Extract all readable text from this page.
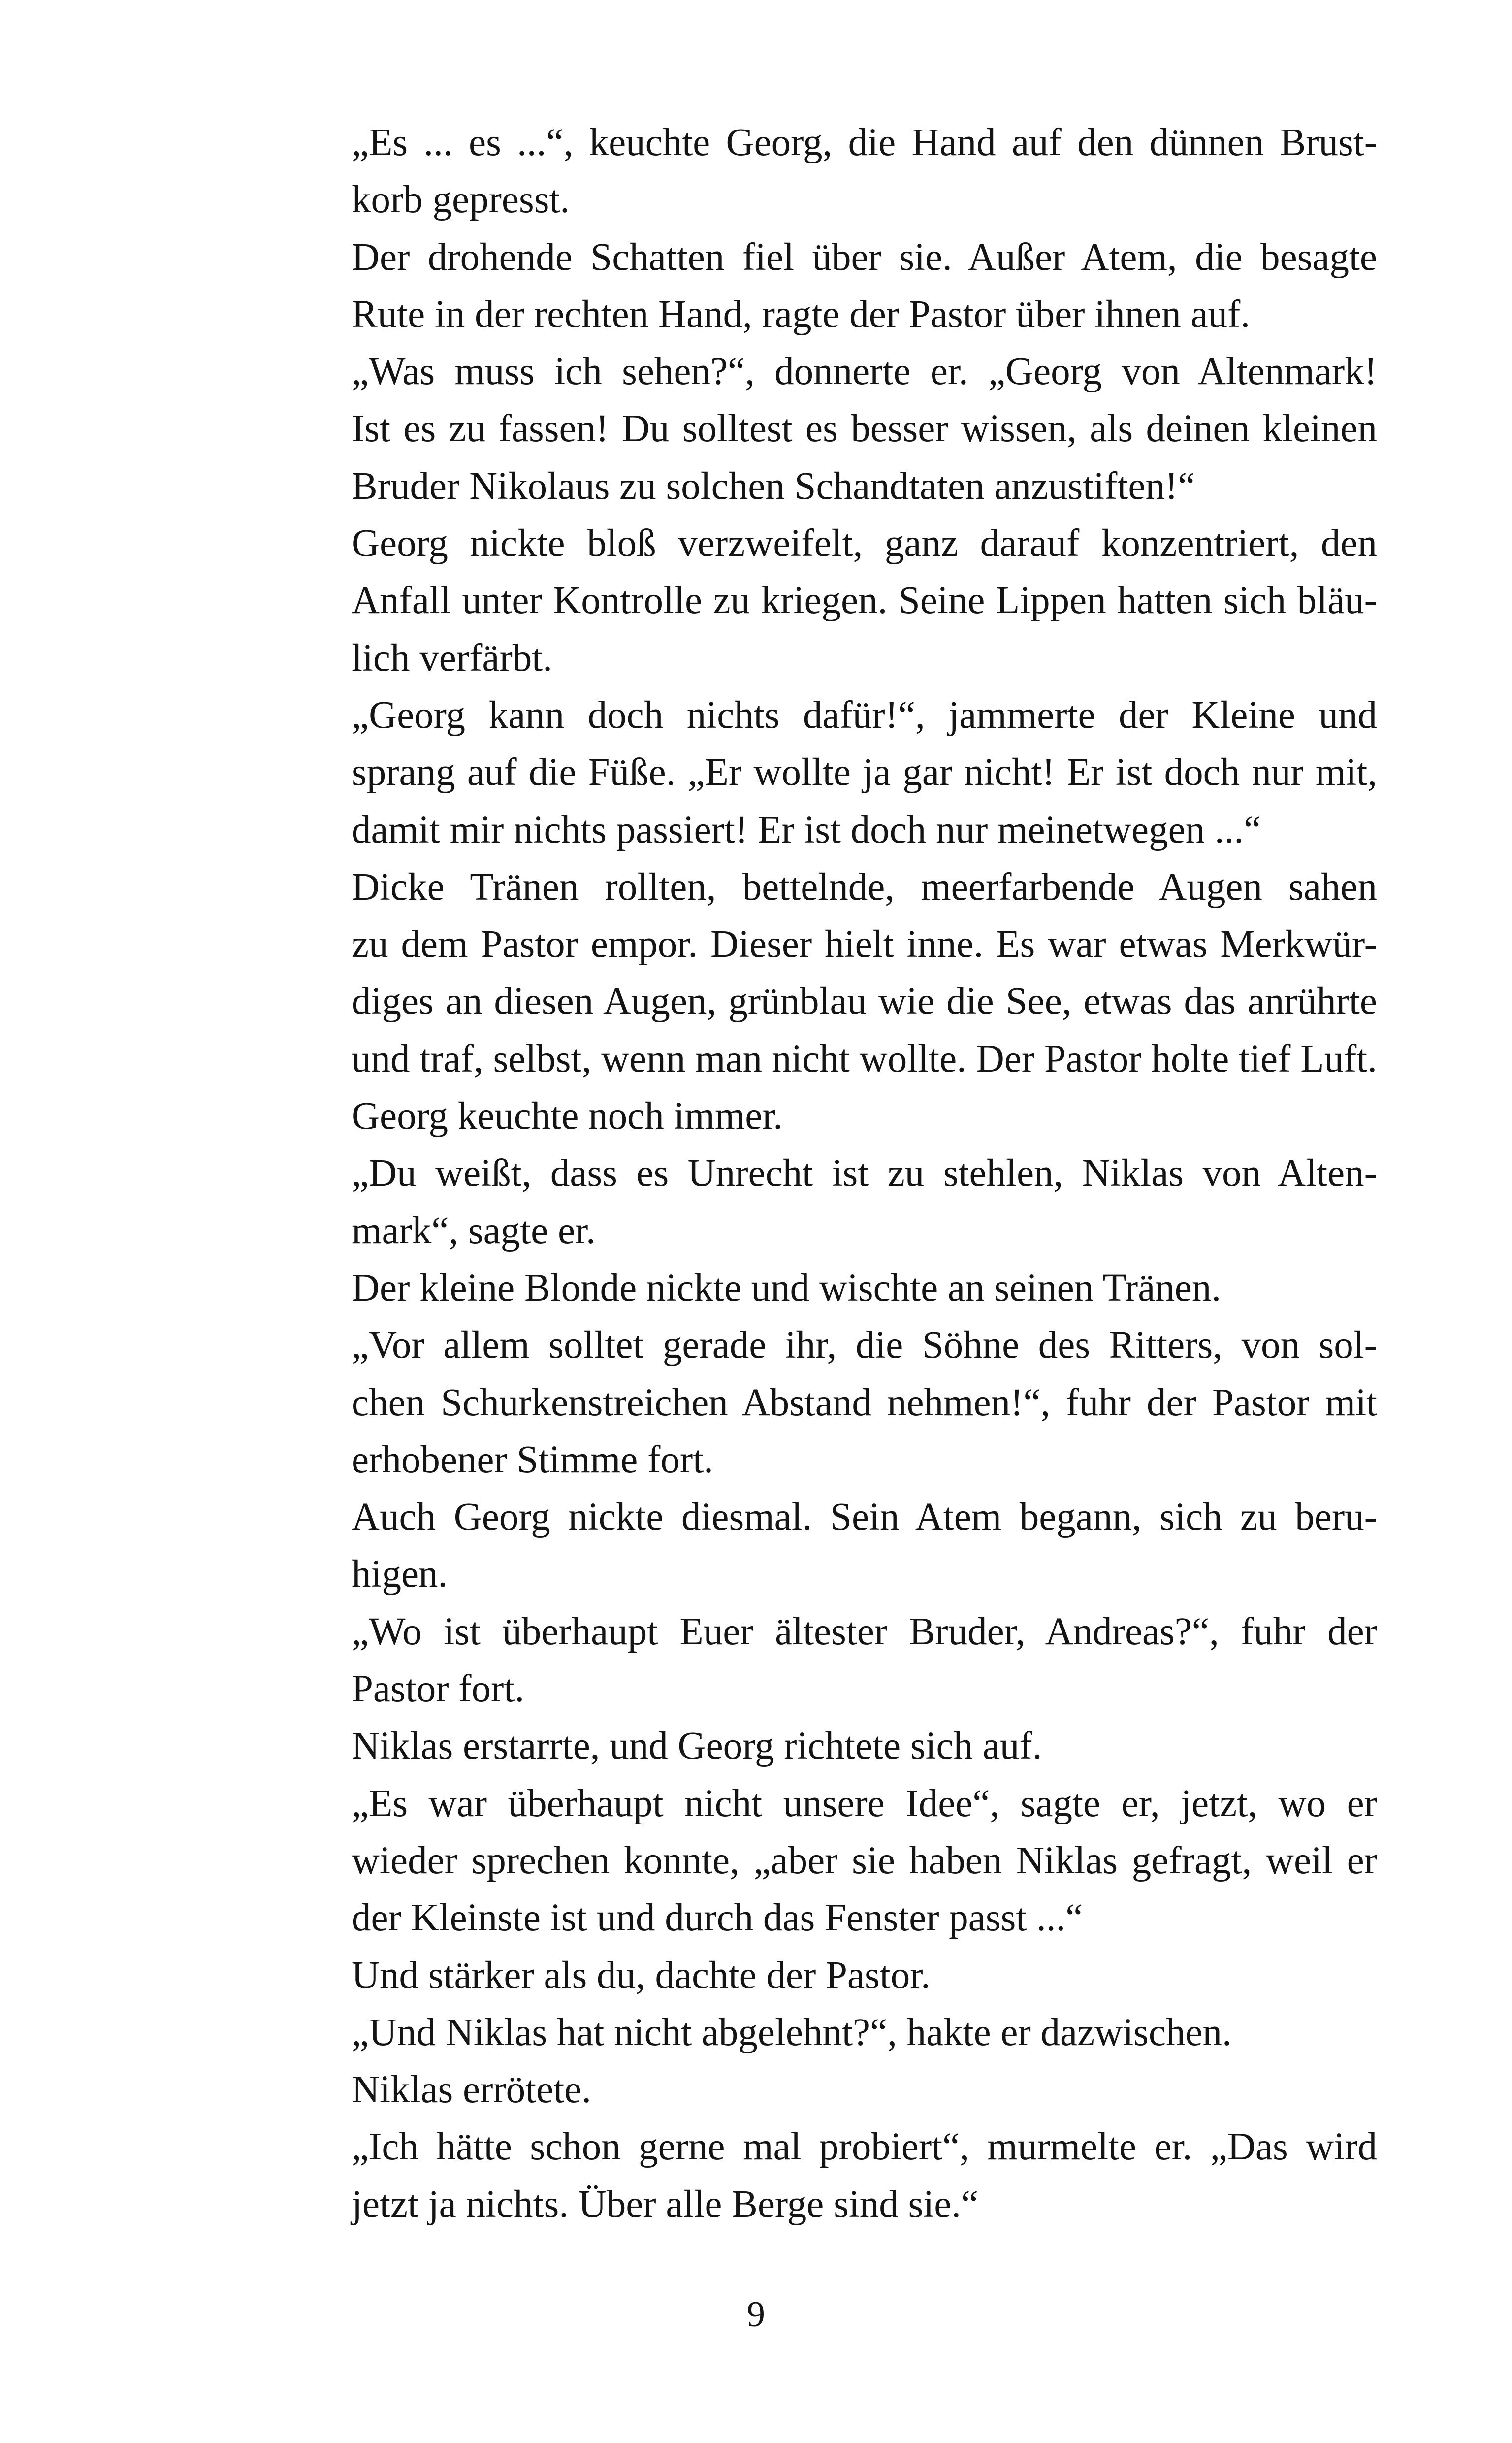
„Es ... es ...“, keuchte Georg, die Hand auf den dünnen Brust-
korb gepresst.

Der drohende Schatten fiel über sie. Außer Atem, die besagte
Rute in der rechten Hand, ragte der Pastor über ihnen auf.

„Was muss ich sehen?“, donnerte er. „Georg von Altenmark!
Ist es zu fassen! Du solltest es besser wissen, als deinen kleinen
Bruder Nikolaus zu solchen Schandtaten anzustiften!“

Georg nickte bloß verzweifelt, ganz darauf konzentriert, den
Anfall unter Kontrolle zu kriegen. Seine Lippen hatten sich bläu-
lich verfärbt.

„Georg kann doch nichts dafür!“, jammerte der Kleine und
sprang auf die Füße. „Er wollte ja gar nicht! Er ist doch nur mit,
damit mir nichts passiert! Er ist doch nur meinetwegen ...“

Dicke Tränen rollten, bettelnde, meerfarbende Augen sahen
zu dem Pastor empor. Dieser hielt inne. Es war etwas Merkwür-
diges an diesen Augen, grünblau wie die See, etwas das anrührte
und traf, selbst, wenn man nicht wollte. Der Pastor holte tief Luft.
Georg keuchte noch immer.

„Du weißt, dass es Unrecht ist zu stehlen, Niklas von Alten-
mark“, sagte er.

Der kleine Blonde nickte und wischte an seinen Tränen.

„Vor allem solltet gerade ihr, die Söhne des Ritters, von sol-
chen Schurkenstreichen Abstand nehmen!“, fuhr der Pastor mit
erhobener Stimme fort.

Auch Georg nickte diesmal. Sein Atem begann, sich zu beru-
higen.

„Wo ist überhaupt Euer ältester Bruder, Andreas?“, fuhr der
Pastor fort.

Niklas erstarrte, und Georg richtete sich auf.

„Es war überhaupt nicht unsere Idee“, sagte er, jetzt, wo er
wieder sprechen konnte, „aber sie haben Niklas gefragt, weil er
der Kleinste ist und durch das Fenster passt ...“

Und stärker als du, dachte der Pastor.

„Und Niklas hat nicht abgelehnt?“, hakte er dazwischen.

Niklas errötete.

„Ich hätte schon gerne mal probiert“, murmelte er. „Das wird
jetzt ja nichts. Über alle Berge sind sie.“

9
